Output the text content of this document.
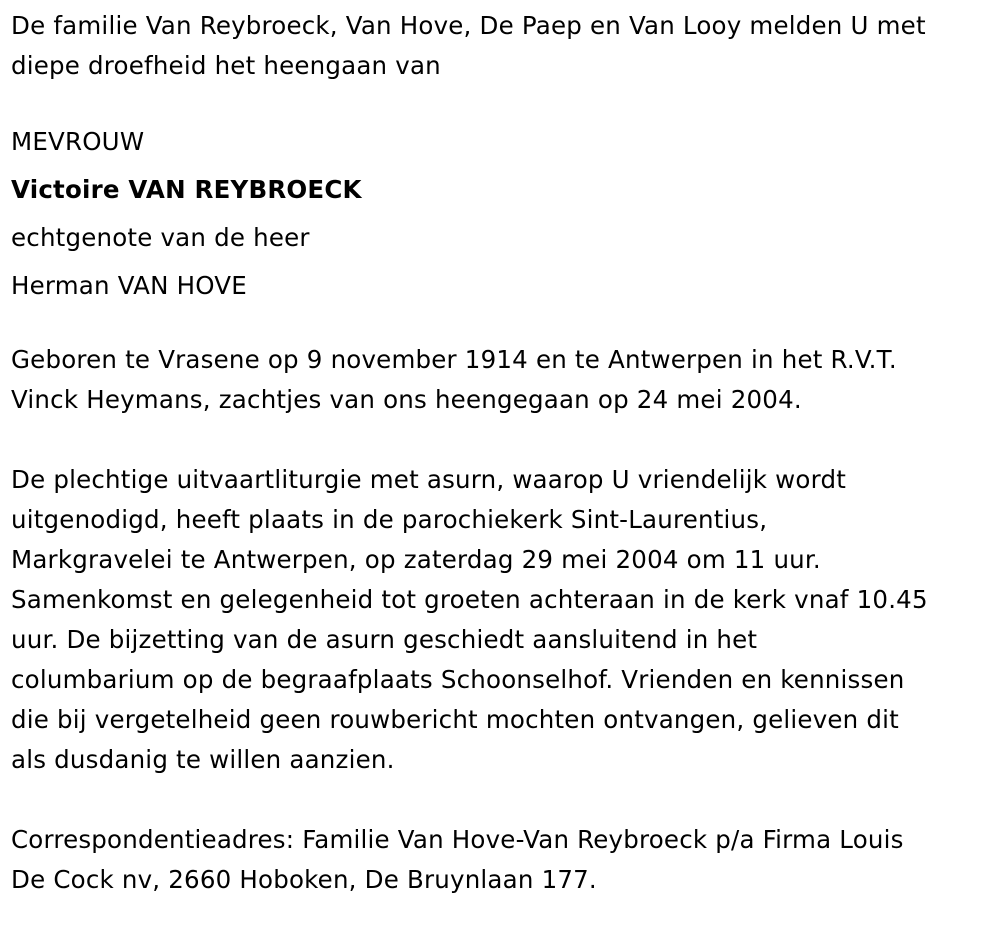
De familie Van Reybroeck, Van Hove, De Paep en Van Looy melden U met
diepe droefheid het heengaan van
MEVROUW
Victoire VAN REYBROECK
echtgenote van de heer
Herman VAN HOVE
Geboren te Vrasene op 9 november 1914 en te Antwerpen in het R.V.T.
Vinck Heymans, zachtjes van ons heengegaan op 24 mei 2004.
De plechtige uitvaartliturgie met asurn, waarop U vriendelijk wordt
uitgenodigd, heeft plaats in de parochiekerk Sint-Laurentius,
Markgravelei te Antwerpen, op zaterdag 29 mei 2004 om 11 uur.
Samenkomst en gelegenheid tot groeten achteraan in de kerk vnaf 10.45
uur. De bijzetting van de asurn geschiedt aansluitend in het
columbarium op de begraafplaats Schoonselhof. Vrienden en kennissen
die bij vergetelheid geen rouwbericht mochten ontvangen, gelieven dit
als dusdanig te willen aanzien.
Correspondentieadres: Familie Van Hove-Van Reybroeck p/a Firma Louis
De Cock nv, 2660 Hoboken, De Bruynlaan 177.
